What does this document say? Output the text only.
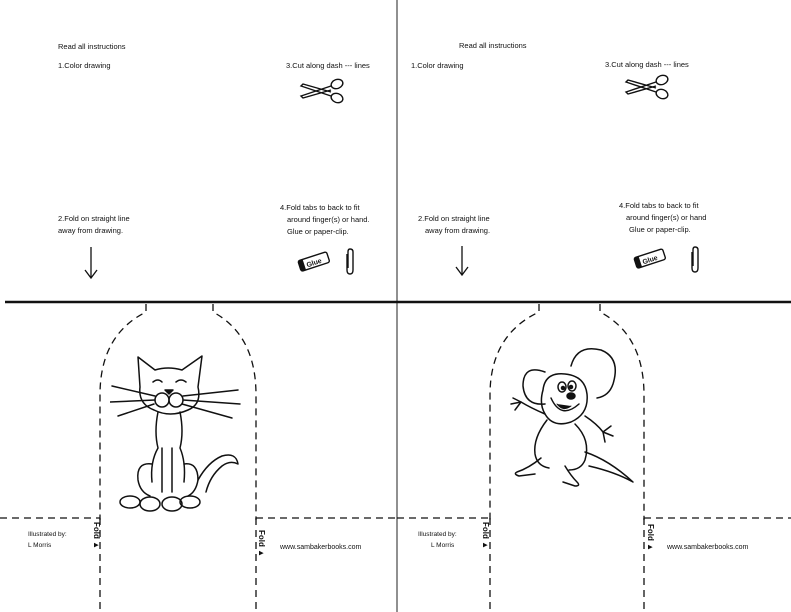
Read all instructions
1.Color drawing	3.Cut along dash --- lines
2.Fold on straight line
away from drawing.
4.Fold tabs to back to fit
around finger(s) or hand.
Glue or paper-clip.
Glue
Illustrated by:
L Morris	Fold ▲	Fold ▲ www.sambakerbooks.com
Read all instructions
1.Color drawing	3.Cut along dash --- lines
2.Fold on straight line
away from drawing.
4.Fold tabs to back to fit
around finger(s) or hand
Glue or paper-clip.
Glue
Illustrated by:
L Morris	Fold ▲	Fold ▲ www.sambakerbooks.com
